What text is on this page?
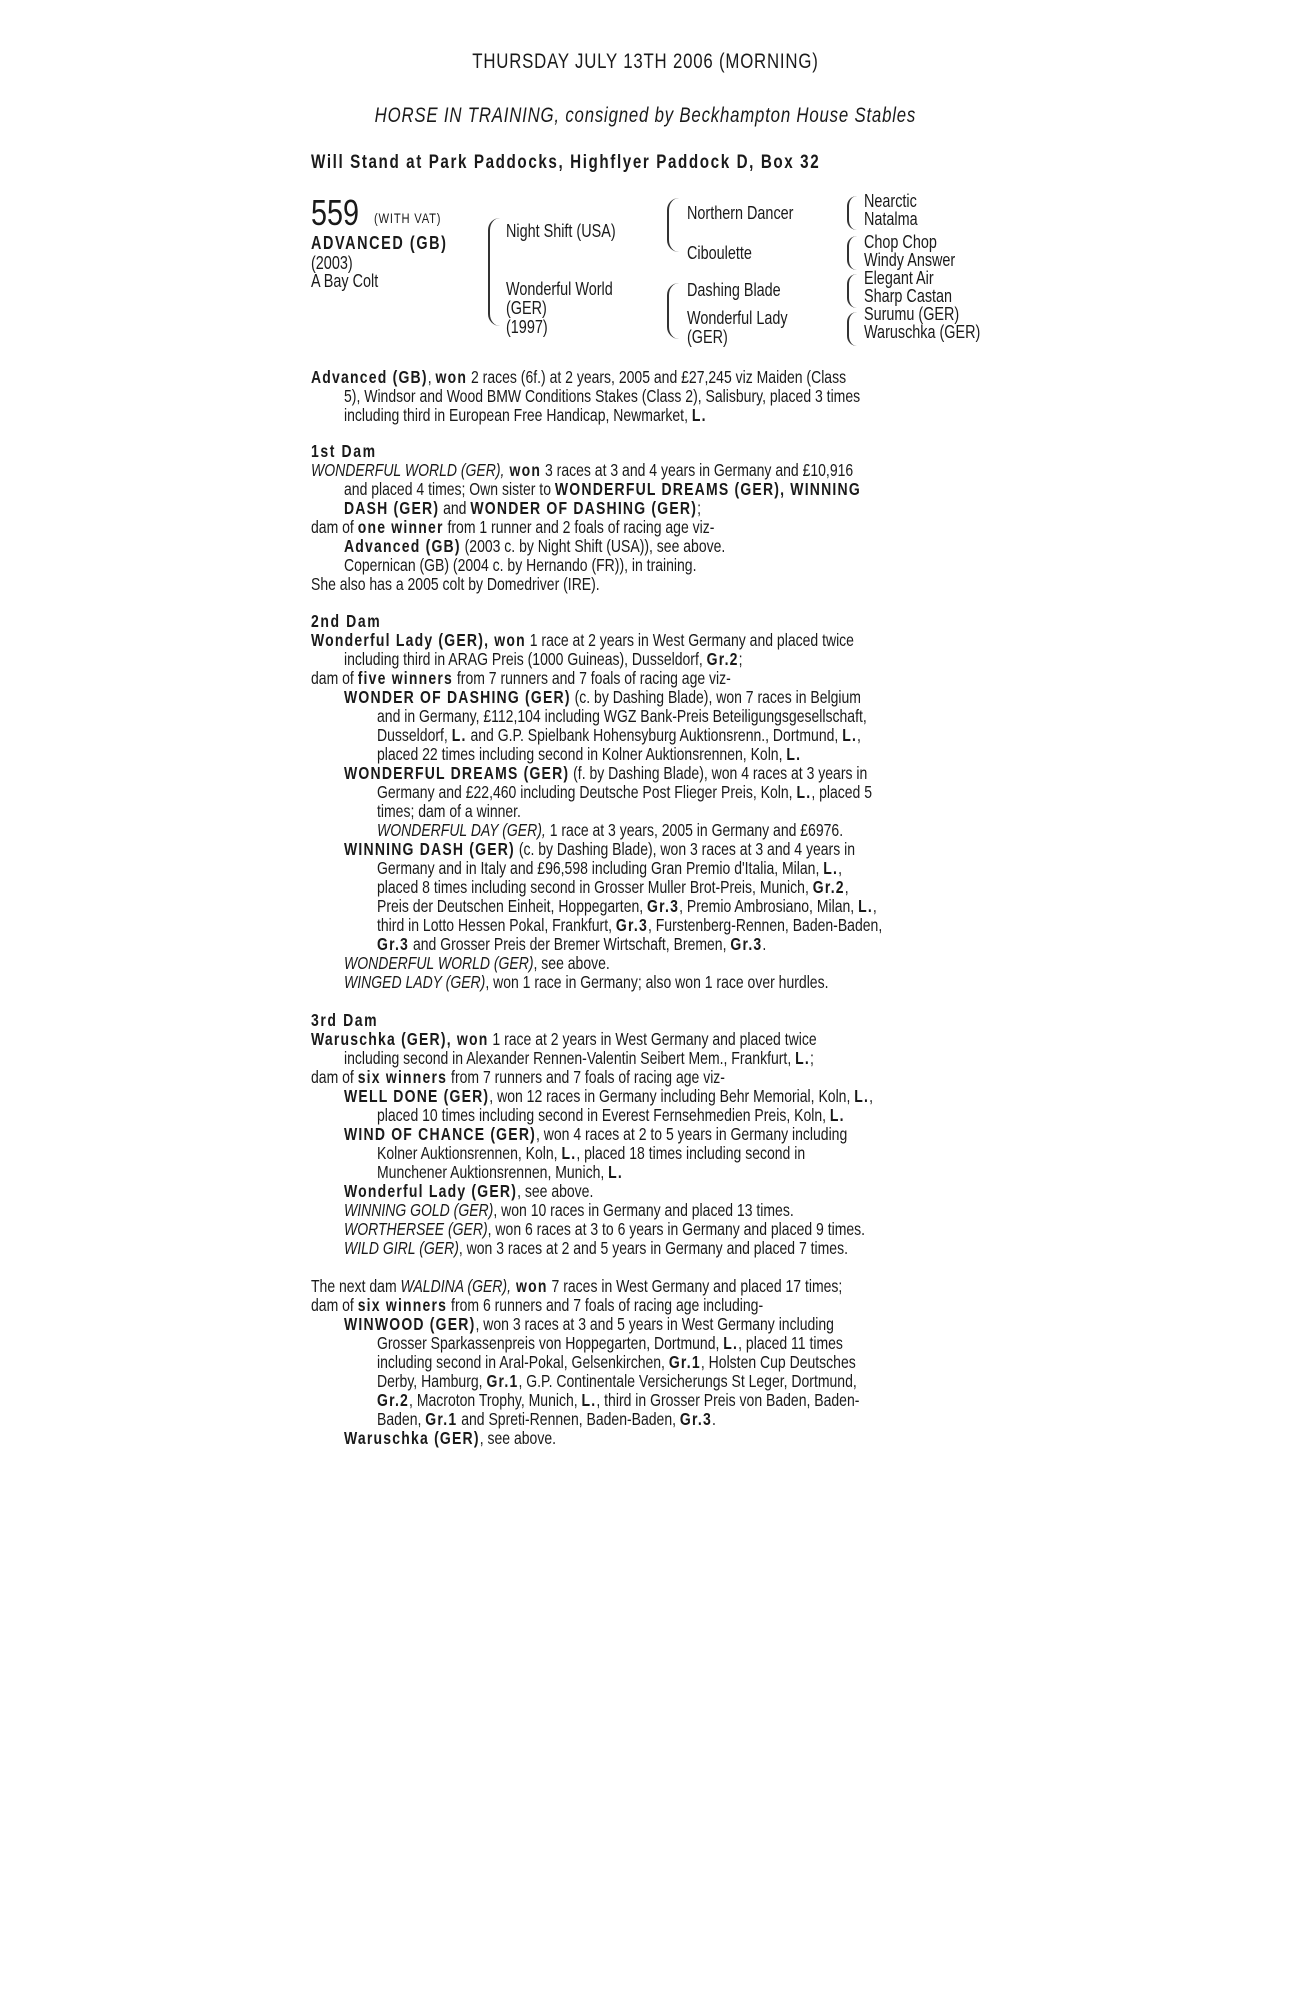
THURSDAY JULY 13TH 2006 (MORNING)
HORSE IN TRAINING, consigned by Beckhampton House Stables
Will Stand at Park Paddocks, Highflyer Paddock D, Box 32
559	(WITH VAT)
ADVANCED (GB)
(2003)
A Bay Colt
Night Shift (USA)
Wonderful World
(GER)
(1997)
Northern Dancer
Ciboulette
Dashing Blade
Wonderful Lady
(GER)
Nearctic
Natalma
Chop Chop
Windy Answer
Elegant Air
Sharp Castan
Surumu (GER)
Waruschka (GER)
Advanced (GB), won 2 races (6f.) at 2 years, 2005 and £27,245 viz Maiden (Class
5), Windsor and Wood BMW Conditions Stakes (Class 2), Salisbury, placed 3 times
including third in European Free Handicap, Newmarket, L.
1st Dam
WONDERFUL WORLD (GER), won 3 races at 3 and 4 years in Germany and £10,916
and placed 4 times; Own sister to WONDERFUL DREAMS (GER), WINNING
DASH (GER) and WONDER OF DASHING (GER);
dam of one winner from 1 runner and 2 foals of racing age viz-
Advanced (GB) (2003 c. by Night Shift (USA)), see above.
Copernican (GB) (2004 c. by Hernando (FR)), in training.
She also has a 2005 colt by Domedriver (IRE).
2nd Dam
Wonderful Lady (GER), won 1 race at 2 years in West Germany and placed twice
including third in ARAG Preis (1000 Guineas), Dusseldorf, Gr.2;
dam of five winners from 7 runners and 7 foals of racing age viz-
WONDER OF DASHING (GER) (c. by Dashing Blade), won 7 races in Belgium
and in Germany, £112,104 including WGZ Bank-Preis Beteiligungsgesellschaft,
Dusseldorf, L. and G.P. Spielbank Hohensyburg Auktionsrenn., Dortmund, L.,
placed 22 times including second in Kolner Auktionsrennen, Koln, L.
WONDERFUL DREAMS (GER) (f. by Dashing Blade), won 4 races at 3 years in
Germany and £22,460 including Deutsche Post Flieger Preis, Koln, L., placed 5
times; dam of a winner.
WONDERFUL DAY (GER), 1 race at 3 years, 2005 in Germany and £6976.
WINNING DASH (GER) (c. by Dashing Blade), won 3 races at 3 and 4 years in
Germany and in Italy and £96,598 including Gran Premio d'Italia, Milan, L.,
placed 8 times including second in Grosser Muller Brot-Preis, Munich, Gr.2,
Preis der Deutschen Einheit, Hoppegarten, Gr.3, Premio Ambrosiano, Milan, L.,
third in Lotto Hessen Pokal, Frankfurt, Gr.3, Furstenberg-Rennen, Baden-Baden,
Gr.3 and Grosser Preis der Bremer Wirtschaft, Bremen, Gr.3.
WONDERFUL WORLD (GER), see above.
WINGED LADY (GER), won 1 race in Germany; also won 1 race over hurdles.
3rd Dam
Waruschka (GER), won 1 race at 2 years in West Germany and placed twice
including second in Alexander Rennen-Valentin Seibert Mem., Frankfurt, L.;
dam of six winners from 7 runners and 7 foals of racing age viz-
WELL DONE (GER), won 12 races in Germany including Behr Memorial, Koln, L.,
placed 10 times including second in Everest Fernsehmedien Preis, Koln, L.
WIND OF CHANCE (GER), won 4 races at 2 to 5 years in Germany including
Kolner Auktionsrennen, Koln, L., placed 18 times including second in
Munchener Auktionsrennen, Munich, L.
Wonderful Lady (GER), see above.
WINNING GOLD (GER), won 10 races in Germany and placed 13 times.
WORTHERSEE (GER), won 6 races at 3 to 6 years in Germany and placed 9 times.
WILD GIRL (GER), won 3 races at 2 and 5 years in Germany and placed 7 times.
The next dam WALDINA (GER), won 7 races in West Germany and placed 17 times;
dam of six winners from 6 runners and 7 foals of racing age including-
WINWOOD (GER), won 3 races at 3 and 5 years in West Germany including
Grosser Sparkassenpreis von Hoppegarten, Dortmund, L., placed 11 times
including second in Aral-Pokal, Gelsenkirchen, Gr.1, Holsten Cup Deutsches
Derby, Hamburg, Gr.1, G.P. Continentale Versicherungs St Leger, Dortmund,
Gr.2, Macroton Trophy, Munich, L., third in Grosser Preis von Baden, Baden-
Baden, Gr.1 and Spreti-Rennen, Baden-Baden, Gr.3.
Waruschka (GER), see above.
